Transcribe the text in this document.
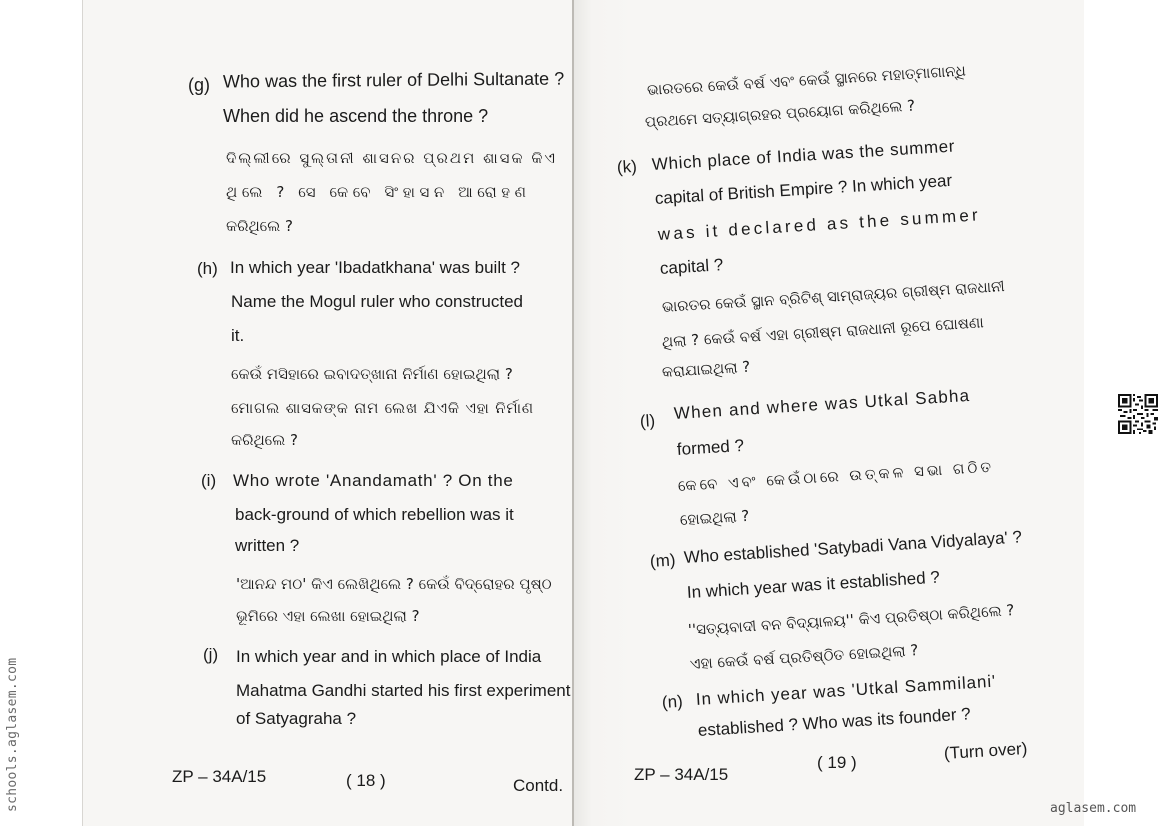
(g) Who was the first ruler of Delhi Sultanate ?
When did he ascend the throne ?
ଦିଲ୍ଲୀରେ ସୁଲ୍‌ତାନୀ ଶାସନର ପ୍ରଥମ ଶାସକ କିଏ
ଥିଲେ ? ସେ କେବେ ସିଂହାସନ ଆରୋହଣ
କରିଥିଲେ ?
(h) In which year 'Ibadatkhana' was built ?
Name the Mogul ruler who constructed
it.
କେଉଁ ମସିହାରେ ଇବାଦତ୍‌ଖାନା ନିର୍ମାଣ ହୋଇଥିଲା ?
ମୋଗଲ ଶାସକଙ୍କ ନାମ ଲେଖ ଯିଏକି ଏହା ନିର୍ମାଣ
କରିଥିଲେ ?
(i) Who wrote 'Anandamath' ? On the
back-ground of which rebellion was it
written ?
'ଆନନ୍ଦ ମଠ' କିଏ ଲେଖିଥିଲେ ? କେଉଁ ବିଦ୍ରୋହର ପୃଷ୍ଠ
ଭୂମିରେ ଏହା ଲେଖା ହୋଇଥିଲା ?
(j) In which year and in which place of India
Mahatma Gandhi started his first experiment
of Satyagraha ?
ZP – 34A/15	( 18 )	Contd.
ଭାରତରେ କେଉଁ ବର୍ଷ ଏବଂ କେଉଁ ସ୍ଥାନରେ ମହାତ୍ମାଗାନ୍ଧି
ପ୍ରଥମେ ସତ୍ୟାଗ୍ରହର ପ୍ରୟୋଗ କରିଥିଲେ ?
(k) Which place of India was the summer
capital of British Empire ? In which year
was it declared as the summer
capital ?
ଭାରତର କେଉଁ ସ୍ଥାନ ବ୍ରିଟିଶ୍ ସାମ୍ରାଜ୍ୟର ଗ୍ରୀଷ୍ମ ରାଜଧାନୀ
ଥିଲା ? କେଉଁ ବର୍ଷ ଏହା ଗ୍ରୀଷ୍ମ ରାଜଧାନୀ ରୂପେ ଘୋଷଣା
କରାଯାଇଥିଲା ?
(l) When and where was Utkal Sabha
formed ?
କେବେ ଏବଂ କେଉଁଠାରେ ଉତ୍କଳ ସଭା ଗଠିତ
ହୋଇଥିଲା ?
(m) Who established 'Satybadi Vana Vidyalaya' ?
In which year was it established ?
''ସତ୍ୟବାଦୀ ବନ ବିଦ୍ୟାଳୟ'' କିଏ ପ୍ରତିଷ୍ଠା କରିଥିଲେ ?
ଏହା କେଉଁ ବର୍ଷ ପ୍ରତିଷ୍ଠିତ ହୋଇଥିଲା ?
(n) In which year was 'Utkal Sammilani'
established ? Who was its founder ?
ZP – 34A/15
( 19 )	(Turn over)
schools.aglasem.com	aglasem.com
